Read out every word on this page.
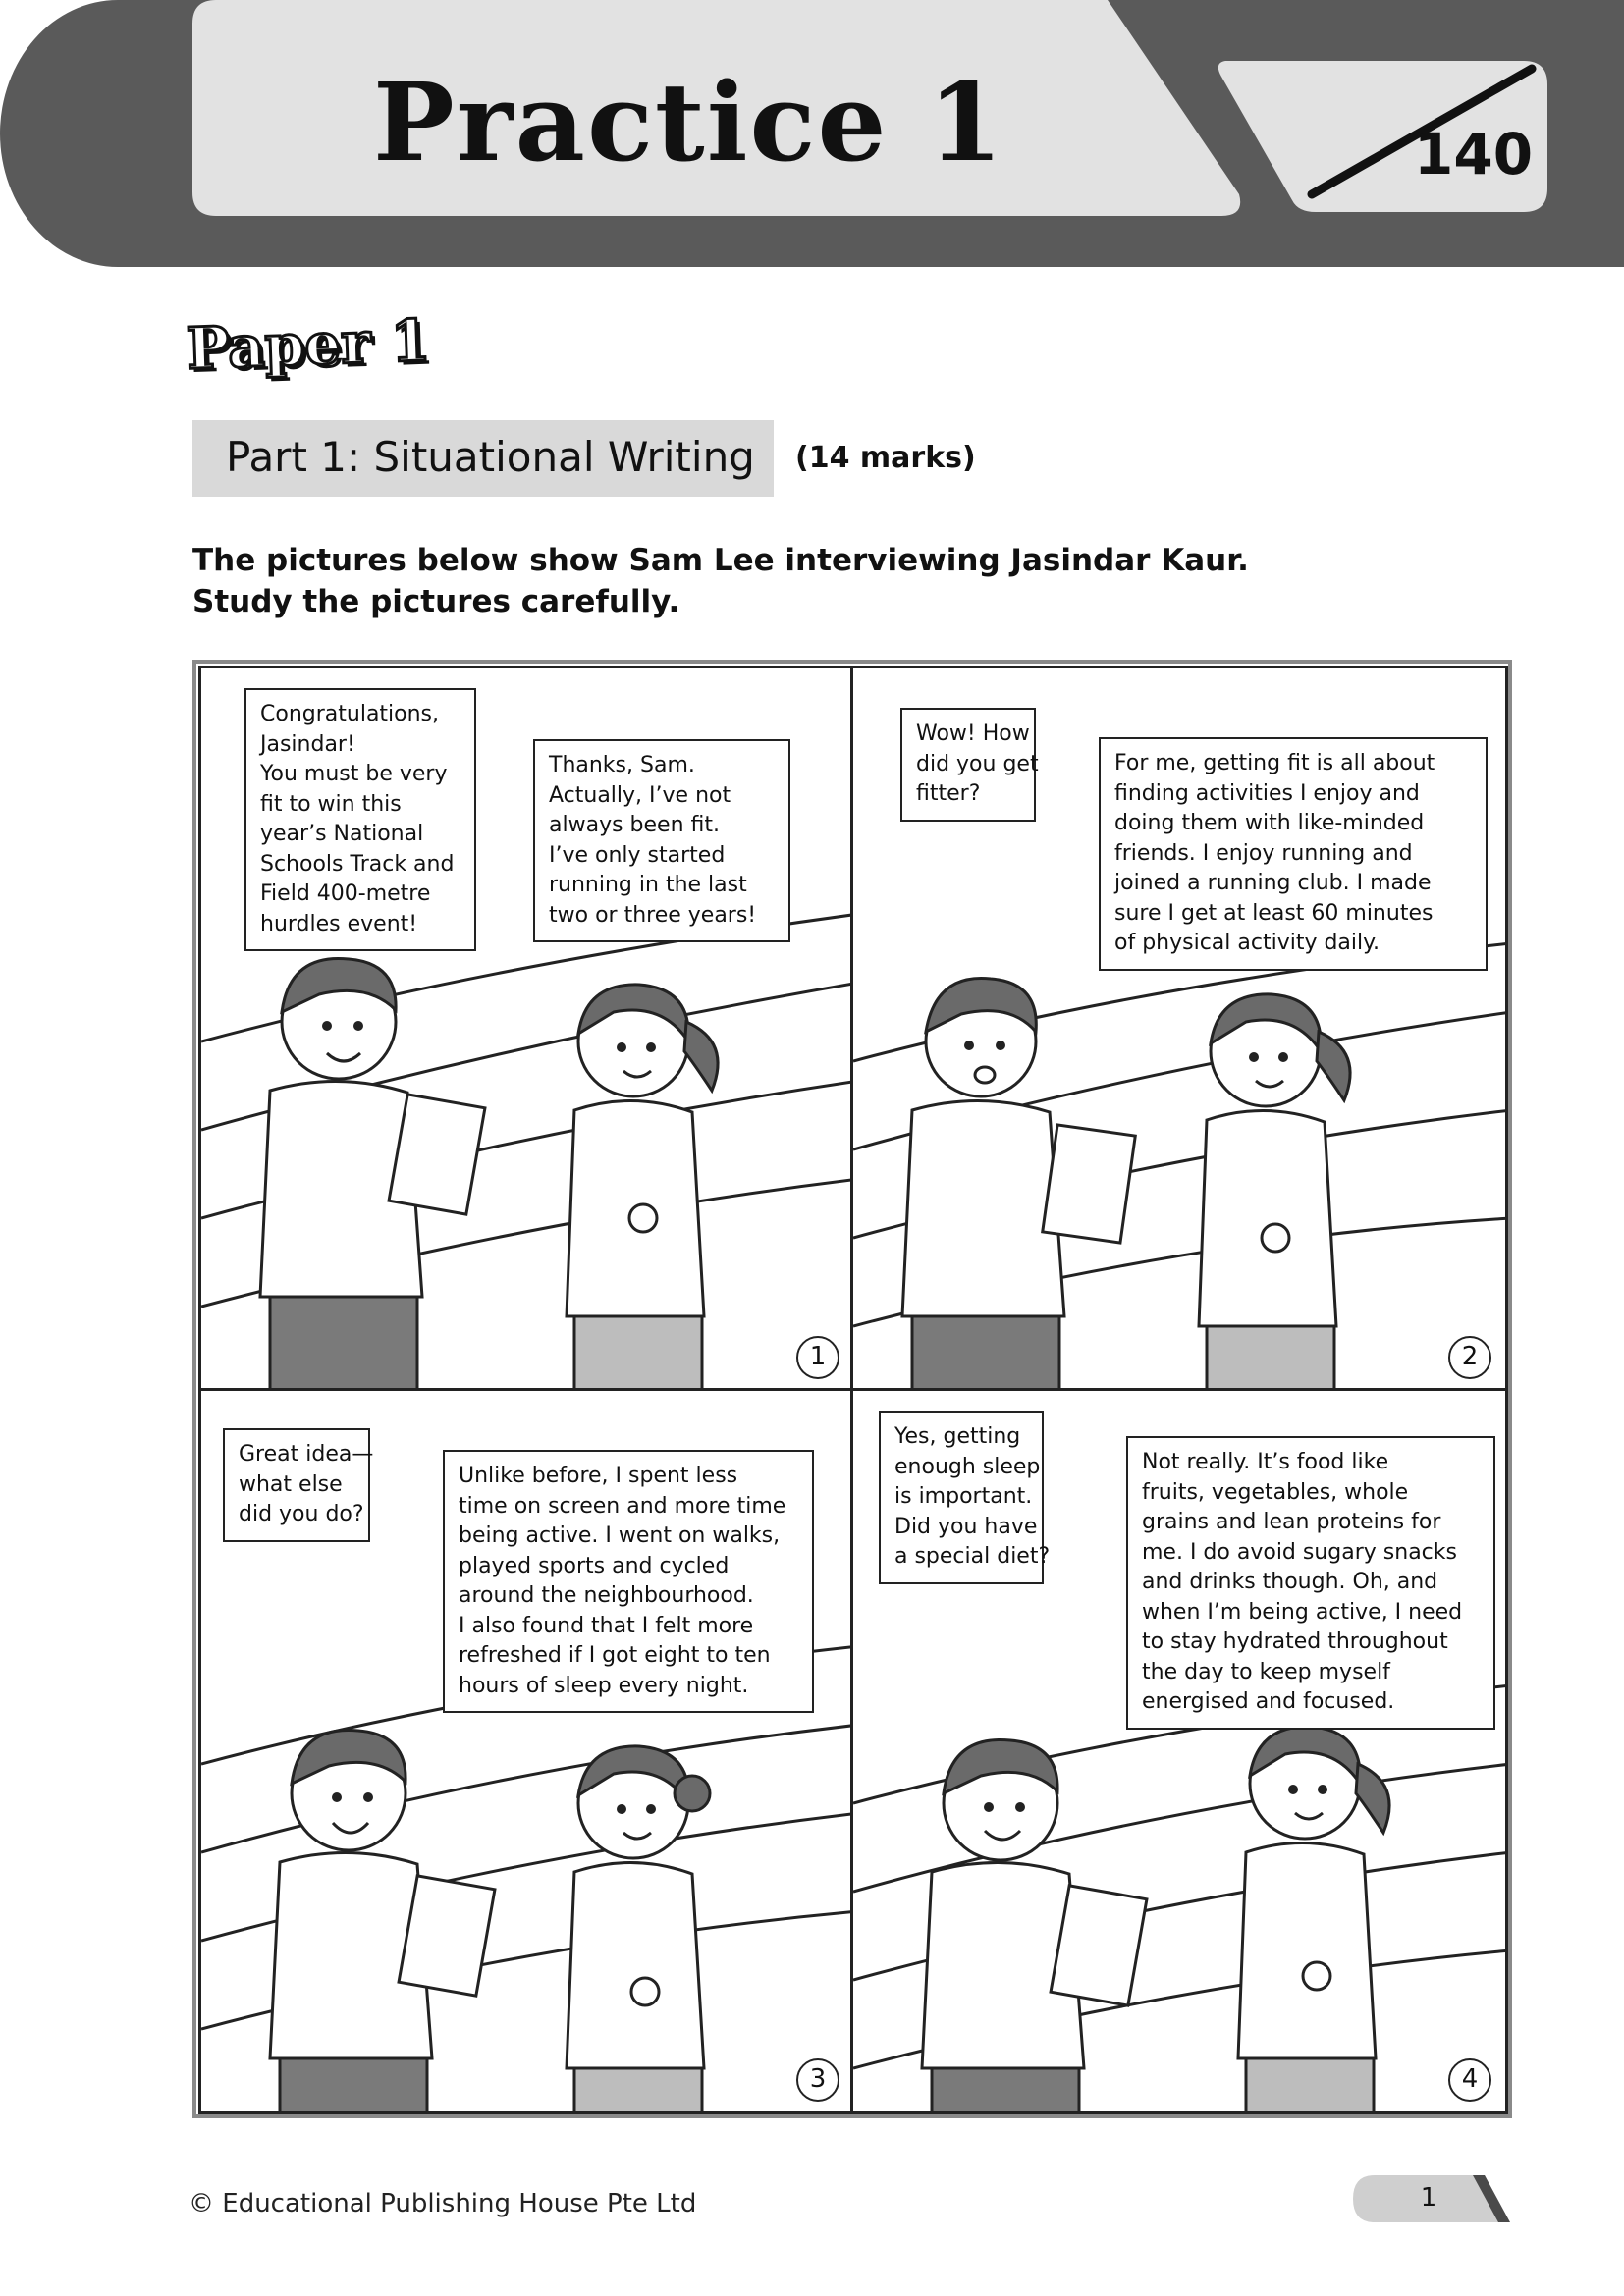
Practice 1	140
Paper 1
Part 1: Situational Writing (14 marks)
The pictures below show Sam Lee interviewing Jasindar Kaur.
Study the pictures carefully.
Congratulations,
Jasindar!
You must be very
fit to win this
year’s National
Schools Track and
Field 400-metre
hurdles event!
Thanks, Sam.
Actually, I’ve not
always been fit.
I’ve only started
running in the last
two or three years!
1
Wow! How
did you get
fitter?
For me, getting fit is all about
finding activities I enjoy and
doing them with like-minded
friends. I enjoy running and
joined a running club. I made
sure I get at least 60 minutes
of physical activity daily.
2
Great idea—
what else
did you do?
Unlike before, I spent less
time on screen and more time
being active. I went on walks,
played sports and cycled
around the neighbourhood.
I also found that I felt more
refreshed if I got eight to ten
hours of sleep every night.
3
Yes, getting
enough sleep
is important.
Did you have
a special diet?
Not really. It’s food like
fruits, vegetables, whole
grains and lean proteins for
me. I do avoid sugary snacks
and drinks though. Oh, and
when I’m being active, I need
to stay hydrated throughout
the day to keep myself
energised and focused.
4
© Educational Publishing House Pte Ltd	1
